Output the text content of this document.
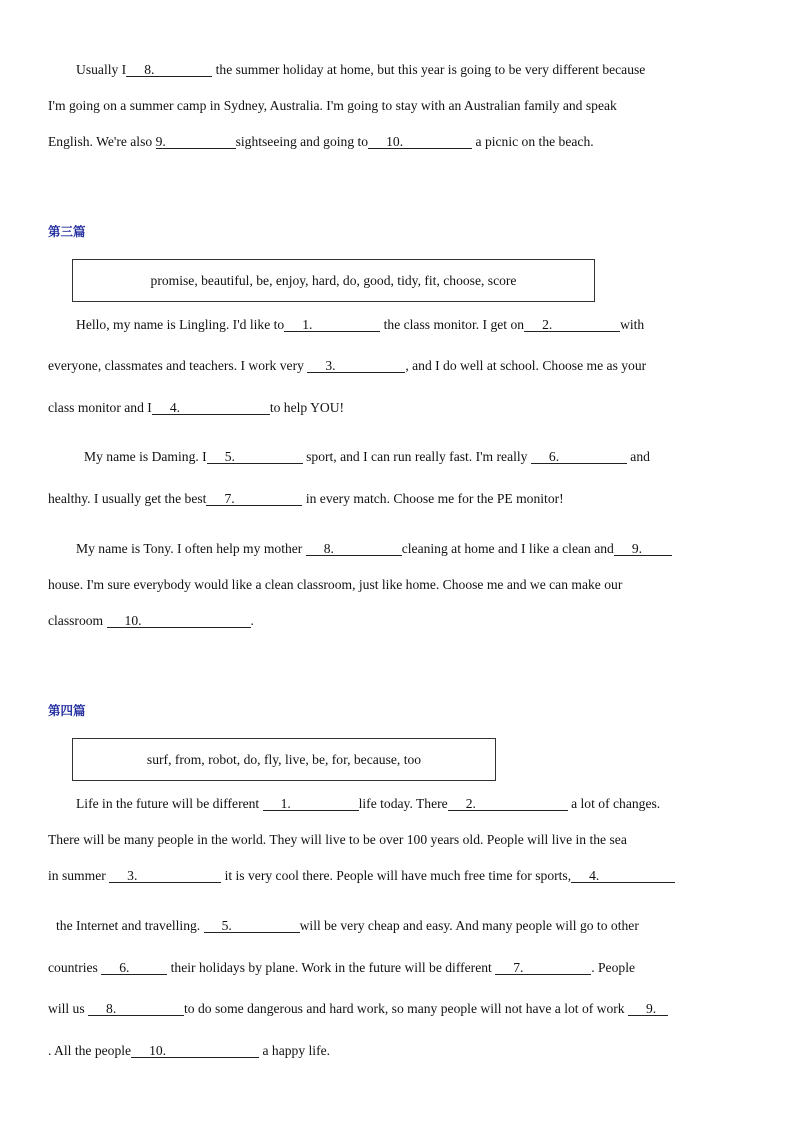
Usually I 8.	the summer holiday at home, but this year is going to be very different because
I'm going on a summer camp in Sydney, Australia. I'm going to stay with an Australian family and speak
English. We're also 9.	sightseeing and going to 10.	a picnic on the beach.
第三篇
promise, beautiful, be, enjoy, hard, do, good, tidy, fit, choose, score
Hello, my name is Lingling. I'd like to 1.	the class monitor. I get on 2.	with
everyone, classmates and teachers. I work very 3.	, and I do well at school. Choose me as your
class monitor and I 4.	to help YOU!
My name is Daming. I 5.	sport, and I can run really fast. I'm really 6.	and
healthy. I usually get the best 7.	in every match. Choose me for the PE monitor!
My name is Tony. I often help my mother 8.	cleaning at home and I like a clean and 9.
house. I'm sure everybody would like a clean classroom, just like home. Choose me and we can make our
classroom 10.	.
第四篇
surf, from, robot, do, fly, live, be, for, because, too
Life in the future will be different 1.	life today. There 2.	a lot of changes.
There will be many people in the world. They will live to be over 100 years old. People will live in the sea
in summer 3.	it is very cool there. People will have much free time for sports, 4.
the Internet and travelling. 5.	will be very cheap and easy. And many people will go to other
countries 6.	their holidays by plane. Work in the future will be different 7.	. People
will us 8.	to do some dangerous and hard work, so many people will not have a lot of work 9.
. All the people 10.	a happy life.
